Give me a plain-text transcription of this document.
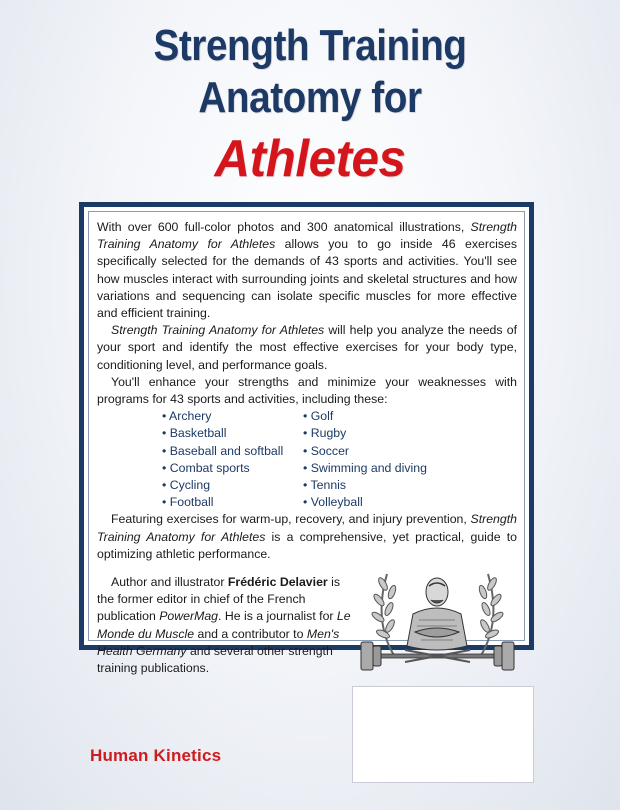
Strength Training
Anatomy for
Athletes

With over 600 full-color photos and 300 anatomical illustrations, Strength Training Anatomy for Athletes allows you to go inside 46 exercises specifically selected for the demands of 43 sports and activities. You'll see how muscles interact with surrounding joints and skeletal structures and how variations and sequencing can isolate specific muscles for more effective and efficient training.

Strength Training Anatomy for Athletes will help you analyze the needs of your sport and identify the most effective exercises for your body type, conditioning level, and performance goals.

You'll enhance your strengths and minimize your weaknesses with programs for 43 sports and activities, including these:

• Archery
• Basketball
• Baseball and softball
• Combat sports
• Cycling
• Football
• Golf
• Rugby
• Soccer
• Swimming and diving
• Tennis
• Volleyball

Featuring exercises for warm-up, recovery, and injury prevention, Strength Training Anatomy for Athletes is a comprehensive, yet practical, guide to optimizing athletic performance.

Author and illustrator Frédéric Delavier is the former editor in chief of the French publication PowerMag. He is a journalist for Le Monde du Muscle and a contributor to Men's Health Germany and several other strength training publications.

Human Kinetics
